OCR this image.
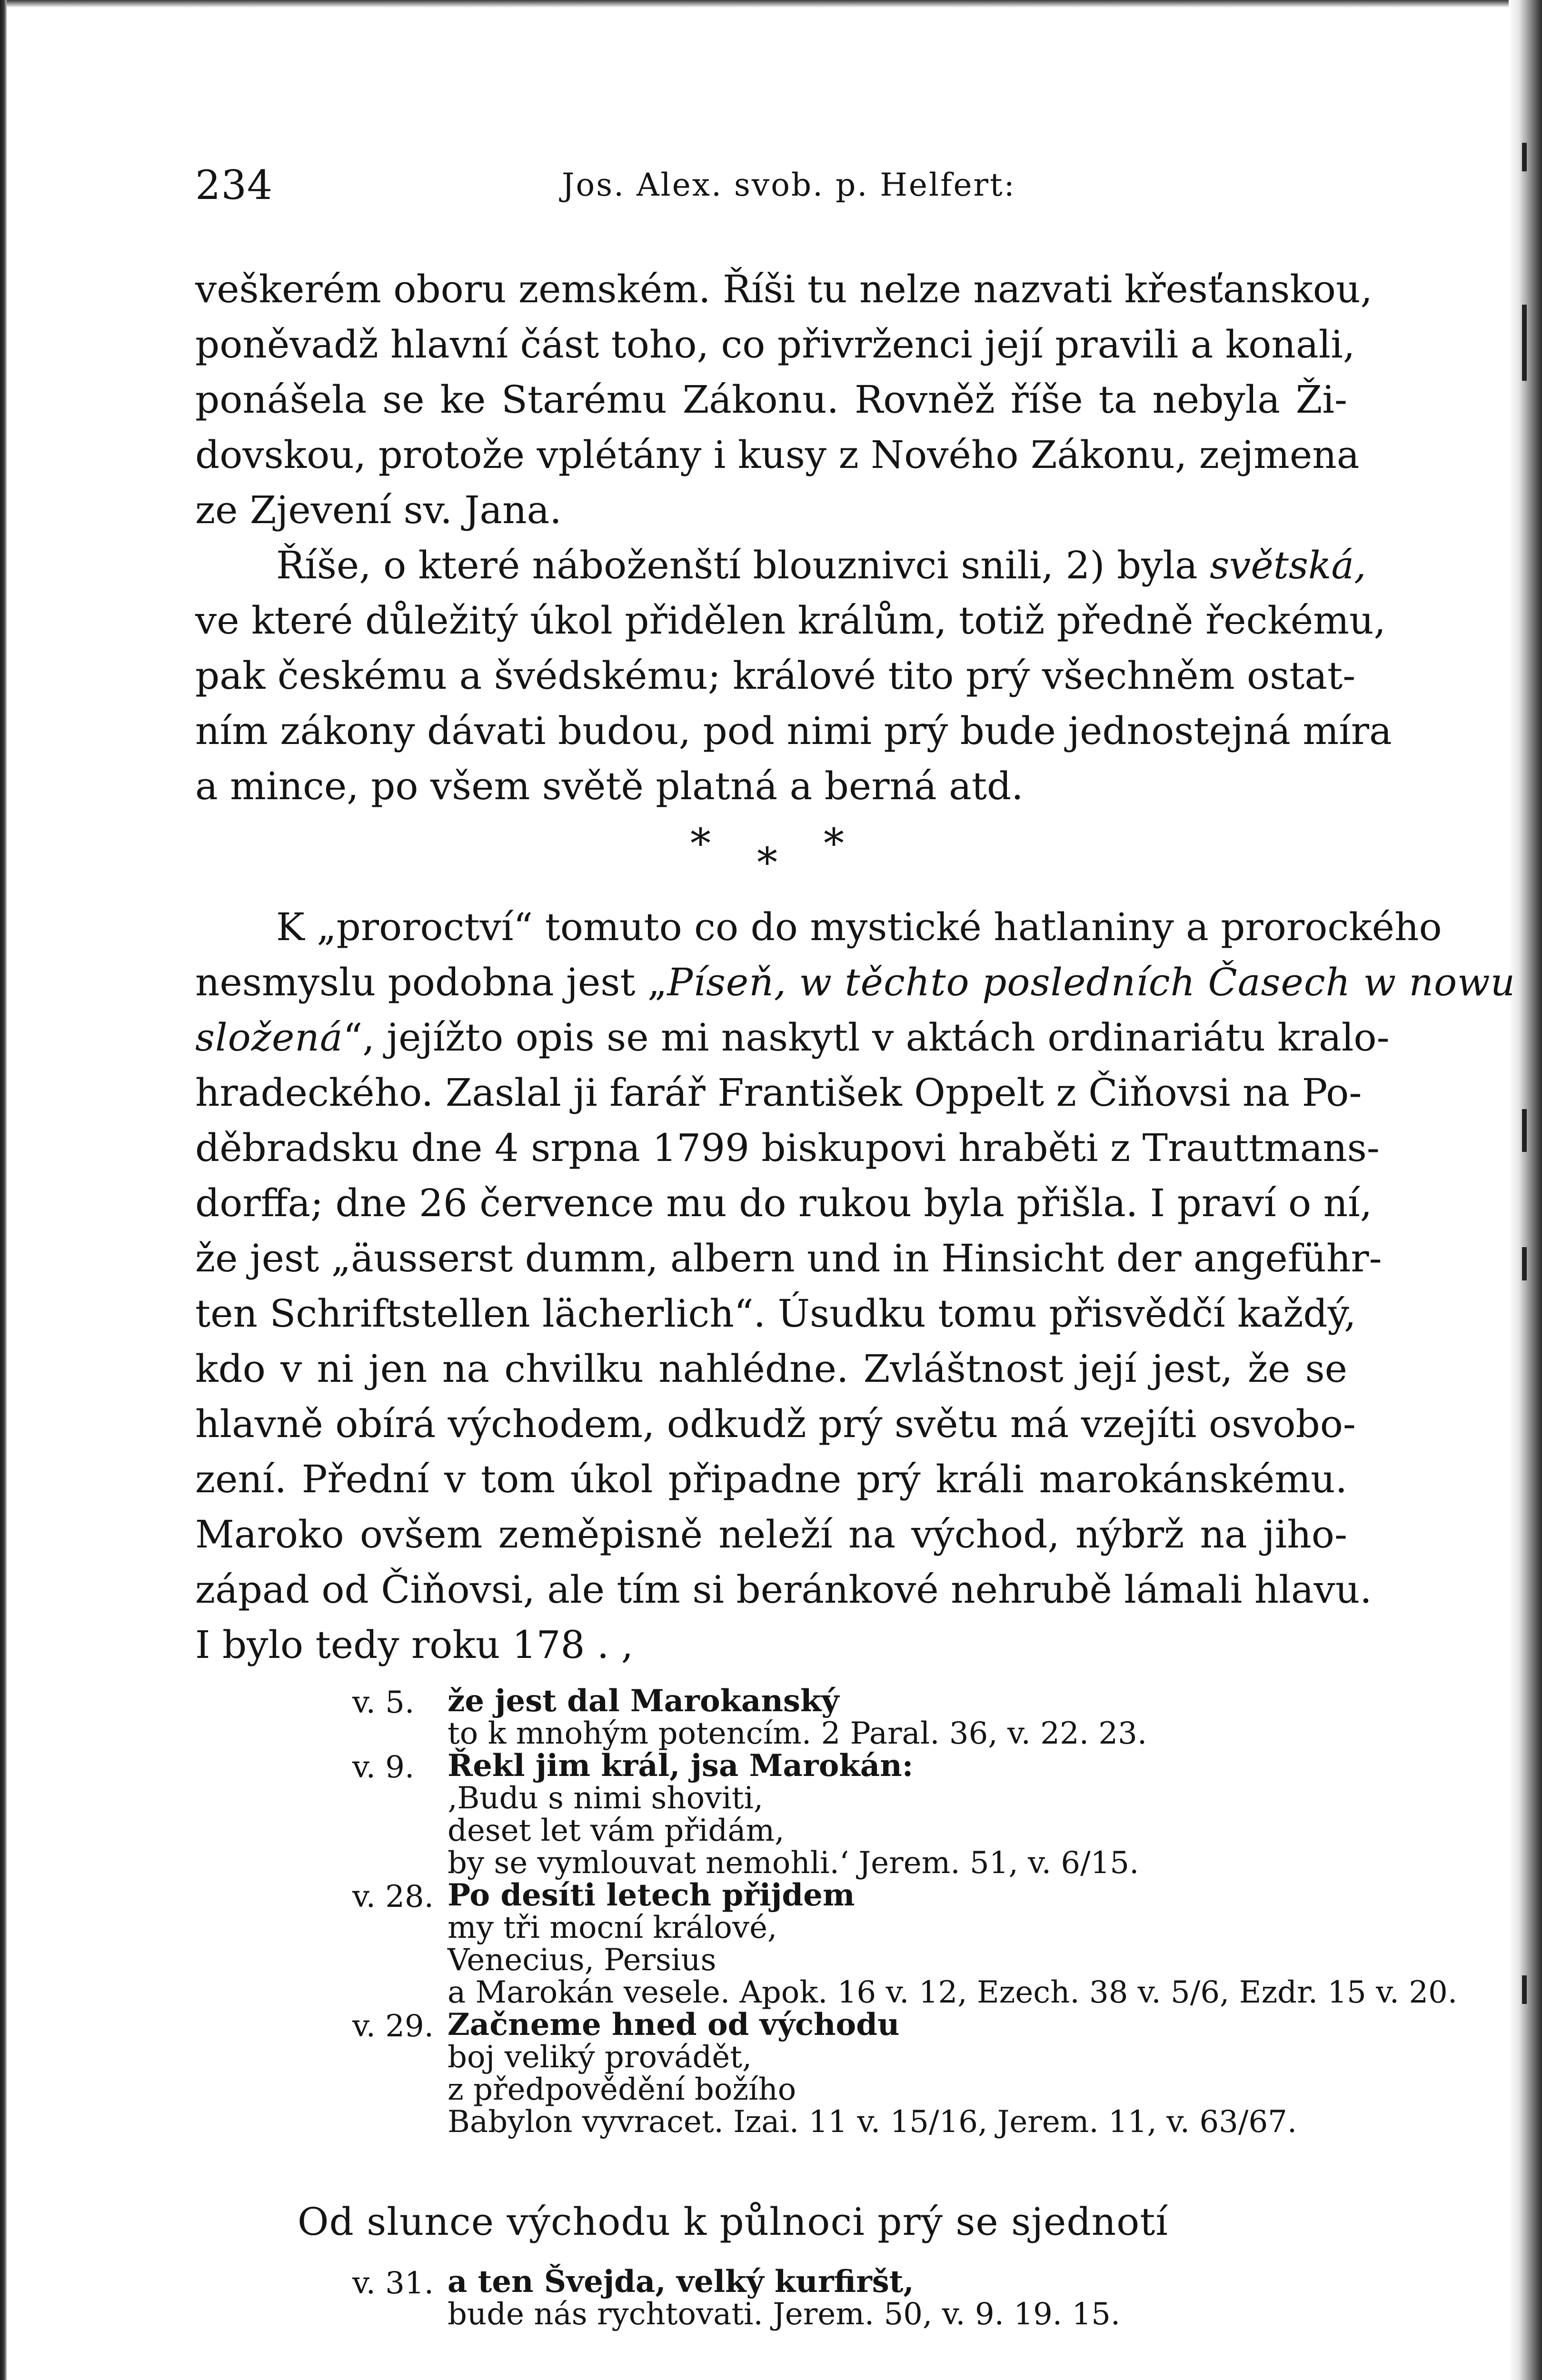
234	Jos. Alex. svob. p. Helfert:
veškerém oboru zemském. Říši tu nelze nazvati křesťanskou,
poněvadž hlavní část toho, co přivrženci její pravili a konali,
ponášela se ke Starému Zákonu. Rovněž říše ta nebyla Ži-
dovskou, protože vplétány i kusy z Nového Zákonu, zejmena
ze Zjevení sv. Jana.
Říše, o které náboženští blouznivci snili, 2) byla světská,
ve které důležitý úkol přidělen králům, totiž předně řeckému,
pak českému a švédskému; králové tito prý všechněm ostat-
ním zákony dávati budou, pod nimi prý bude jednostejná míra
a mince, po všem světě platná a berná atd.
* * *
K „proroctví“ tomuto co do mystické hatlaniny a prorockého
nesmyslu podobna jest „Píseň, w těchto posledních Časech w nowu
složená“, jejížto opis se mi naskytl v aktách ordinariátu kralo-
hradeckého. Zaslal ji farář František Oppelt z Čiňovsi na Po-
děbradsku dne 4 srpna 1799 biskupovi hraběti z Trauttmans-
dorffa; dne 26 července mu do rukou byla přišla. I praví o ní,
že jest „äusserst dumm, albern und in Hinsicht der angeführ-
ten Schriftstellen lächerlich“. Úsudku tomu přisvědčí každý,
kdo v ni jen na chvilku nahlédne. Zvláštnost její jest, že se
hlavně obírá východem, odkudž prý světu má vzejíti osvobo-
zení. Přední v tom úkol připadne prý králi marokánskému.
Maroko ovšem zeměpisně neleží na východ, nýbrž na jiho-
západ od Čiňovsi, ale tím si beránkové nehrubě lámali hlavu.
I bylo tedy roku 178 . ,
v. 5.	že jest dal Marokanský
to k mnohým potencím. 2 Paral. 36, v. 22. 23.
v. 9.	Řekl jim král, jsa Marokán:
‚Budu s nimi shoviti,
deset let vám přidám,
by se vymlouvat nemohli.‘ Jerem. 51, v. 6/15.
v. 28. Po desíti letech přijdem
my tři mocní králové,
Venecius, Persius
a Marokán vesele. Apok. 16 v. 12, Ezech. 38 v. 5/6, Ezdr. 15 v. 20.
v. 29. Začneme hned od východu
boj veliký provádět,
z předpovědění božího
Babylon vyvracet. Izai. 11 v. 15/16, Jerem. 11, v. 63/67.
Od slunce východu k půlnoci prý se sjednotí
v. 31. a ten Švejda, velký kurfiršt,
bude nás rychtovati. Jerem. 50, v. 9. 19. 15.
